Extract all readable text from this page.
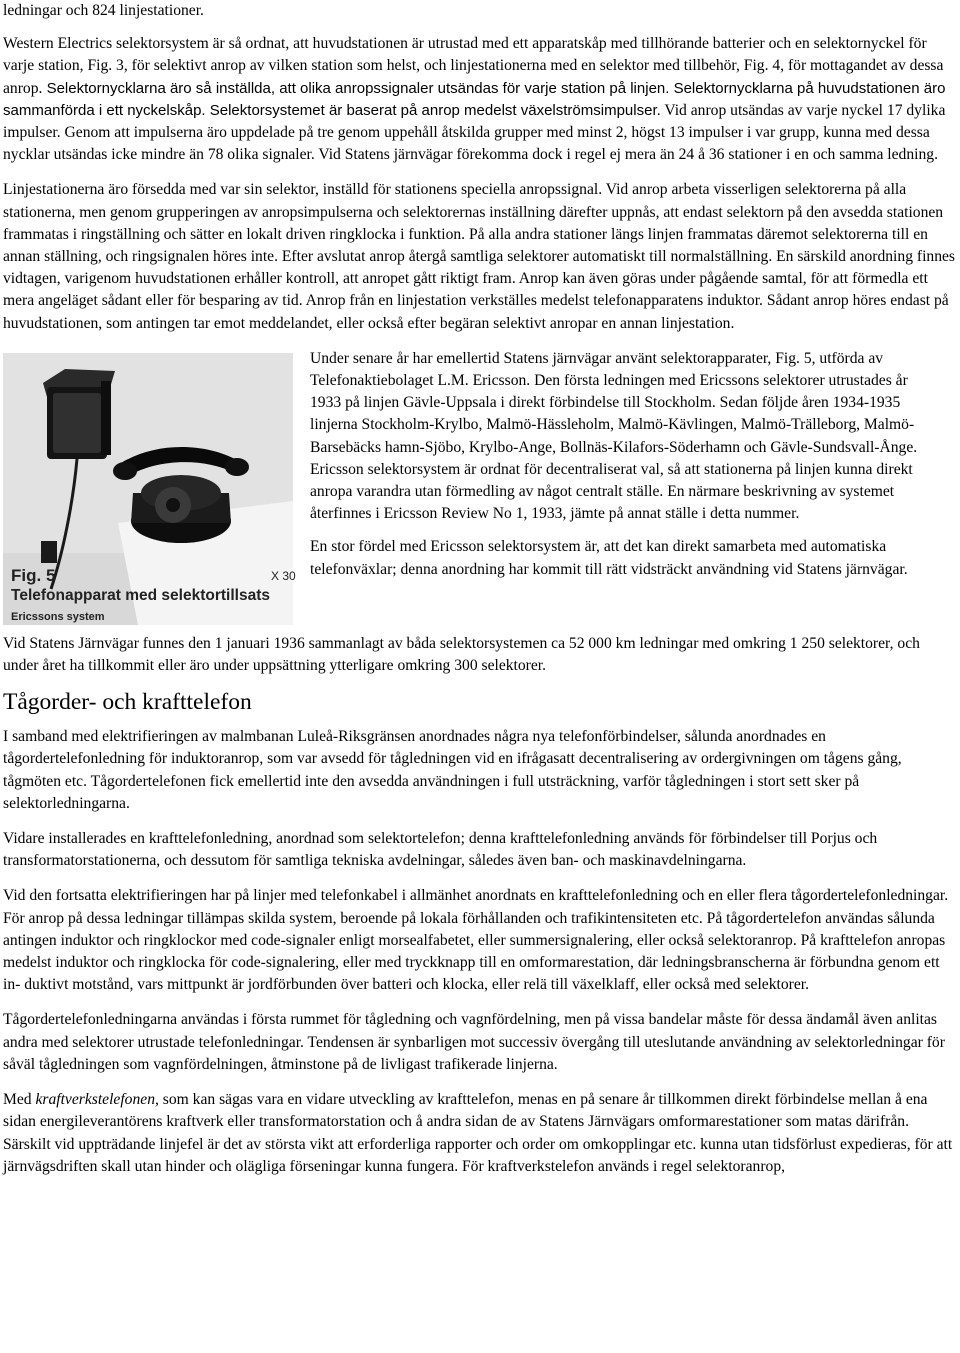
ledningar och 824 linjestationer.

Western Electrics selektorsystem är så ordnat, att huvudstationen är utrustad med ett apparatskåp med tillhörande batterier och en selektornyckel för varje station, Fig. 3, för selektivt anrop av vilken station som helst, och linjestationerna med en selektor med tillbehör, Fig. 4, för mottagandet av dessa anrop. Selektornycklarna äro så inställda, att olika anropssignaler utsändas för varje station på linjen. Selektornycklarna på huvudstationen äro sammanförda i ett nyckelskåp. Selektorsystemet är baserat på anrop medelst växelströmsimpulser. Vid anrop utsändas av varje nyckel 17 dylika impulser. Genom att impulserna äro uppdelade på tre genom uppehåll åtskilda grupper med minst 2, högst 13 impulser i var grupp, kunna med dessa nycklar utsändas icke mindre än 78 olika signaler. Vid Statens järnvägar förekomma dock i regel ej mera än 24 å 36 stationer i en och samma ledning.

Linjestationerna äro försedda med var sin selektor, inställd för stationens speciella anropssignal. Vid anrop arbeta visserligen selektorerna på alla stationerna, men genom grupperingen av anropsimpulserna och selektorernas inställning därefter uppnås, att endast selektorn på den avsedda stationen frammatas i ringställning och sätter en lokalt driven ringklocka i funktion. På alla andra stationer längs linjen frammatas däremot selektorerna till en annan ställning, och ringsignalen höres inte. Efter avslutat anrop återgå samtliga selektorer automatiskt till normalställning. En särskild anordning finnes vidtagen, varigenom huvudstationen erhåller kontroll, att anropet gått riktigt fram. Anrop kan även göras under pågående samtal, för att förmedla ett mera angeläget sådant eller för besparing av tid. Anrop från en linjestation verkställes medelst telefonapparatens induktor. Sådant anrop höres endast på huvudstationen, som antingen tar emot meddelandet, eller också efter begäran selektivt anropar en annan linjestation.

Fig. 5	X 30
Telefonapparat med selektortillsats
Ericssons system

Under senare år har emellertid Statens järnvägar använt selektorapparater, Fig. 5, utförda av Telefonaktiebolaget L.M. Ericsson. Den första ledningen med Ericssons selektorer utrustades år 1933 på linjen Gävle-Uppsala i direkt förbindelse till Stockholm. Sedan följde åren 1934-1935 linjerna Stockholm-Krylbo, Malmö-Hässleholm, Malmö-Kävlingen, Malmö-Trälleborg, Malmö-Barsebäcks hamn-Sjöbo, Krylbo-Ange, Bollnäs-Kilafors-Söderhamn och Gävle-Sundsvall-Ånge. Ericsson selektorsystem är ordnat för decentraliserat val, så att stationerna på linjen kunna direkt anropa varandra utan förmedling av något centralt ställe. En närmare beskrivning av systemet återfinnes i Ericsson Review No 1, 1933, jämte på annat ställe i detta nummer.

En stor fördel med Ericsson selektorsystem är, att det kan direkt samarbeta med automatiska telefonväxlar; denna anordning har kommit till rätt vidsträckt användning vid Statens järnvägar.

Vid Statens Järnvägar funnes den 1 januari 1936 sammanlagt av båda selektorsystemen ca 52 000 km ledningar med omkring 1 250 selektorer, och under året ha tillkommit eller äro under uppsättning ytterligare omkring 300 selektorer.

Tågorder- och krafttelefon

I samband med elektrifieringen av malmbanan Luleå-Riksgränsen anordnades några nya telefonförbindelser, sålunda anordnades en tågordertelefonledning för induktoranrop, som var avsedd för tågledningen vid en ifrågasatt decentralisering av ordergivningen om tågens gång, tågmöten etc. Tågordertelefonen fick emellertid inte den avsedda användningen i full utsträckning, varför tågledningen i stort sett sker på selektorledningarna.

Vidare installerades en krafttelefonledning, anordnad som selektortelefon; denna krafttelefonledning används för förbindelser till Porjus och transformatorstationerna, och dessutom för samtliga tekniska avdelningar, således även ban- och maskinavdelningarna.

Vid den fortsatta elektrifieringen har på linjer med telefonkabel i allmänhet anordnats en krafttelefonledning och en eller flera tågordertelefonledningar. För anrop på dessa ledningar tillämpas skilda system, beroende på lokala förhållanden och trafikintensiteten etc. På tågordertelefon användas sålunda antingen induktor och ringklockor med code-signaler enligt morsealfabetet, eller summersignalering, eller också selektoranrop. På krafttelefon anropas medelst induktor och ringklocka för code-signalering, eller med tryckknapp till en omformarestation, där ledningsbranscherna är förbundna genom ett in- duktivt motstånd, vars mittpunkt är jordförbunden över batteri och klocka, eller relä till växelklaff, eller också med selektorer.

Tågordertelefonledningarna användas i första rummet för tågledning och vagnfördelning, men på vissa bandelar måste för dessa ändamål även anlitas andra med selektorer utrustade telefonledningar. Tendensen är synbarligen mot successiv övergång till uteslutande användning av selektorledningar för såväl tågledningen som vagnfördelningen, åtminstone på de livligast trafikerade linjerna.

Med kraftverkstelefonen, som kan sägas vara en vidare utveckling av krafttelefon, menas en på senare år tillkommen direkt förbindelse mellan å ena sidan energileverantörens kraftverk eller transformatorstation och å andra sidan de av Statens Järnvägars omformarestationer som matas därifrån. Särskilt vid uppträdande linjefel är det av största vikt att erforderliga rapporter och order om omkopplingar etc. kunna utan tidsförlust expedieras, för att järnvägsdriften skall utan hinder och olägliga förseningar kunna fungera. För kraftverkstelefon används i regel selektoranrop,
